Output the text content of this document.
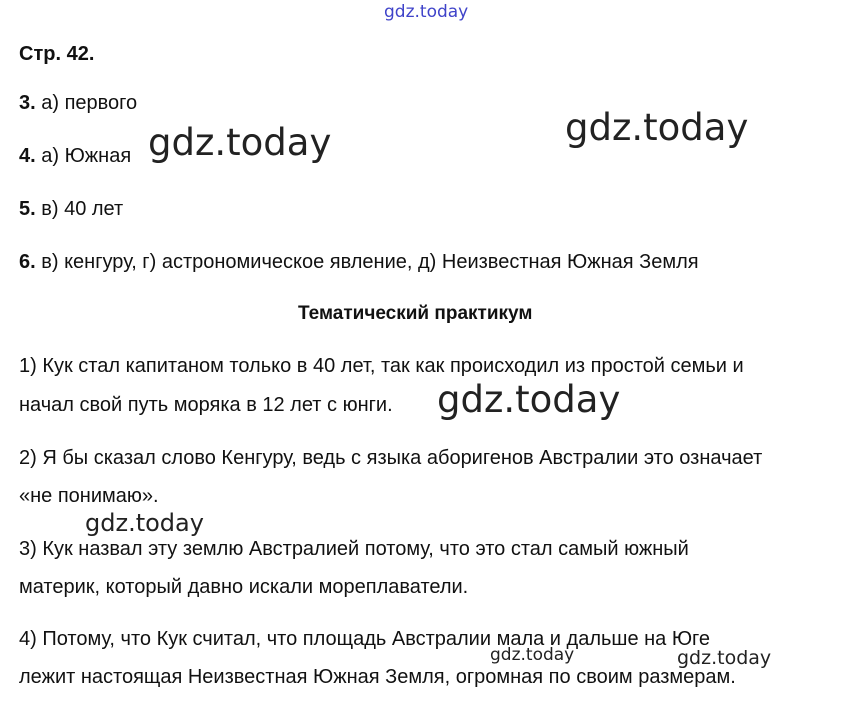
gdz.today
gdz.today	gdz.today
gdz.today
gdz.today
gdz.today	gdz.today
Стр. 42.
3. а) первого
4. а) Южная
5. в) 40 лет
6. в) кенгуру, г) астрономическое явление, д) Неизвестная Южная Земля
Тематический практикум
1) Кук стал капитаном только в 40 лет, так как происходил из простой семьи и
начал свой путь моряка в 12 лет с юнги.
2) Я бы сказал слово Кенгуру, ведь с языка аборигенов Австралии это означает
«не понимаю».
3) Кук назвал эту землю Австралией потому, что это стал самый южный
материк, который давно искали мореплаватели.
4) Потому, что Кук считал, что площадь Австралии мала и дальше на Юге
лежит настоящая Неизвестная Южная Земля, огромная по своим размерам.
